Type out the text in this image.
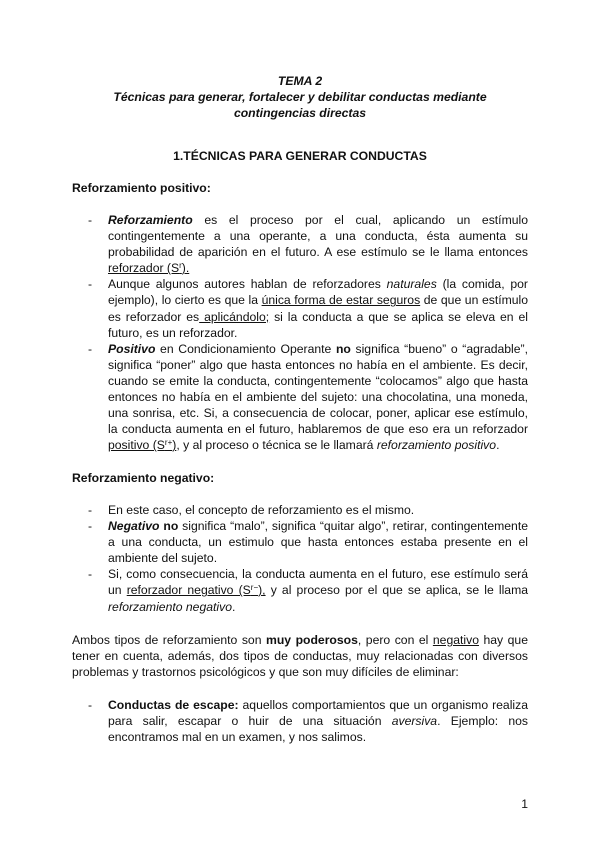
TEMA 2
Técnicas para generar, fortalecer y debilitar conductas mediante
contingencias directas
1.TÉCNICAS PARA GENERAR CONDUCTAS
Reforzamiento positivo:
- Reforzamiento es el proceso por el cual, aplicando un estímulo contingentemente a una operante, a una conducta, ésta aumenta su probabilidad de aparición en el futuro. A ese estímulo se le llama entonces reforzador $(S^r)$.
- Aunque algunos autores hablan de reforzadores naturales (la comida, por ejemplo), lo cierto es que la única forma de estar seguros de que un estímulo es reforzador es aplicándolo; si la conducta a que se aplica se eleva en el futuro, es un reforzador.
- Positivo en Condicionamiento Operante no significa “bueno” o “agradable”, significa “poner” algo que hasta entonces no había en el ambiente. Es decir, cuando se emite la conducta, contingentemente “colocamos” algo que hasta entonces no había en el ambiente del sujeto: una chocolatina, una moneda, una sonrisa, etc. Si, a consecuencia de colocar, poner, aplicar ese estímulo, la conducta aumenta en el futuro, hablaremos de que eso era un reforzador positivo $(S^{r+})$, y al proceso o técnica se le llamará reforzamiento positivo.
Reforzamiento negativo:
- En este caso, el concepto de reforzamiento es el mismo.
- Negativo no significa “malo”, significa “quitar algo”, retirar, contingentemente a una conducta, un estimulo que hasta entonces estaba presente en el ambiente del sujeto.
- Si, como consecuencia, la conducta aumenta en el futuro, ese estímulo será un reforzador negativo $(S^{r-})$, y al proceso por el que se aplica, se le llama reforzamiento negativo.
Ambos tipos de reforzamiento son muy poderosos, pero con el negativo hay que tener en cuenta, además, dos tipos de conductas, muy relacionadas con diversos problemas y trastornos psicológicos y que son muy difíciles de eliminar:
- Conductas de escape: aquellos comportamientos que un organismo realiza para salir, escapar o huir de una situación aversiva. Ejemplo: nos encontramos mal en un examen, y nos salimos.
1
